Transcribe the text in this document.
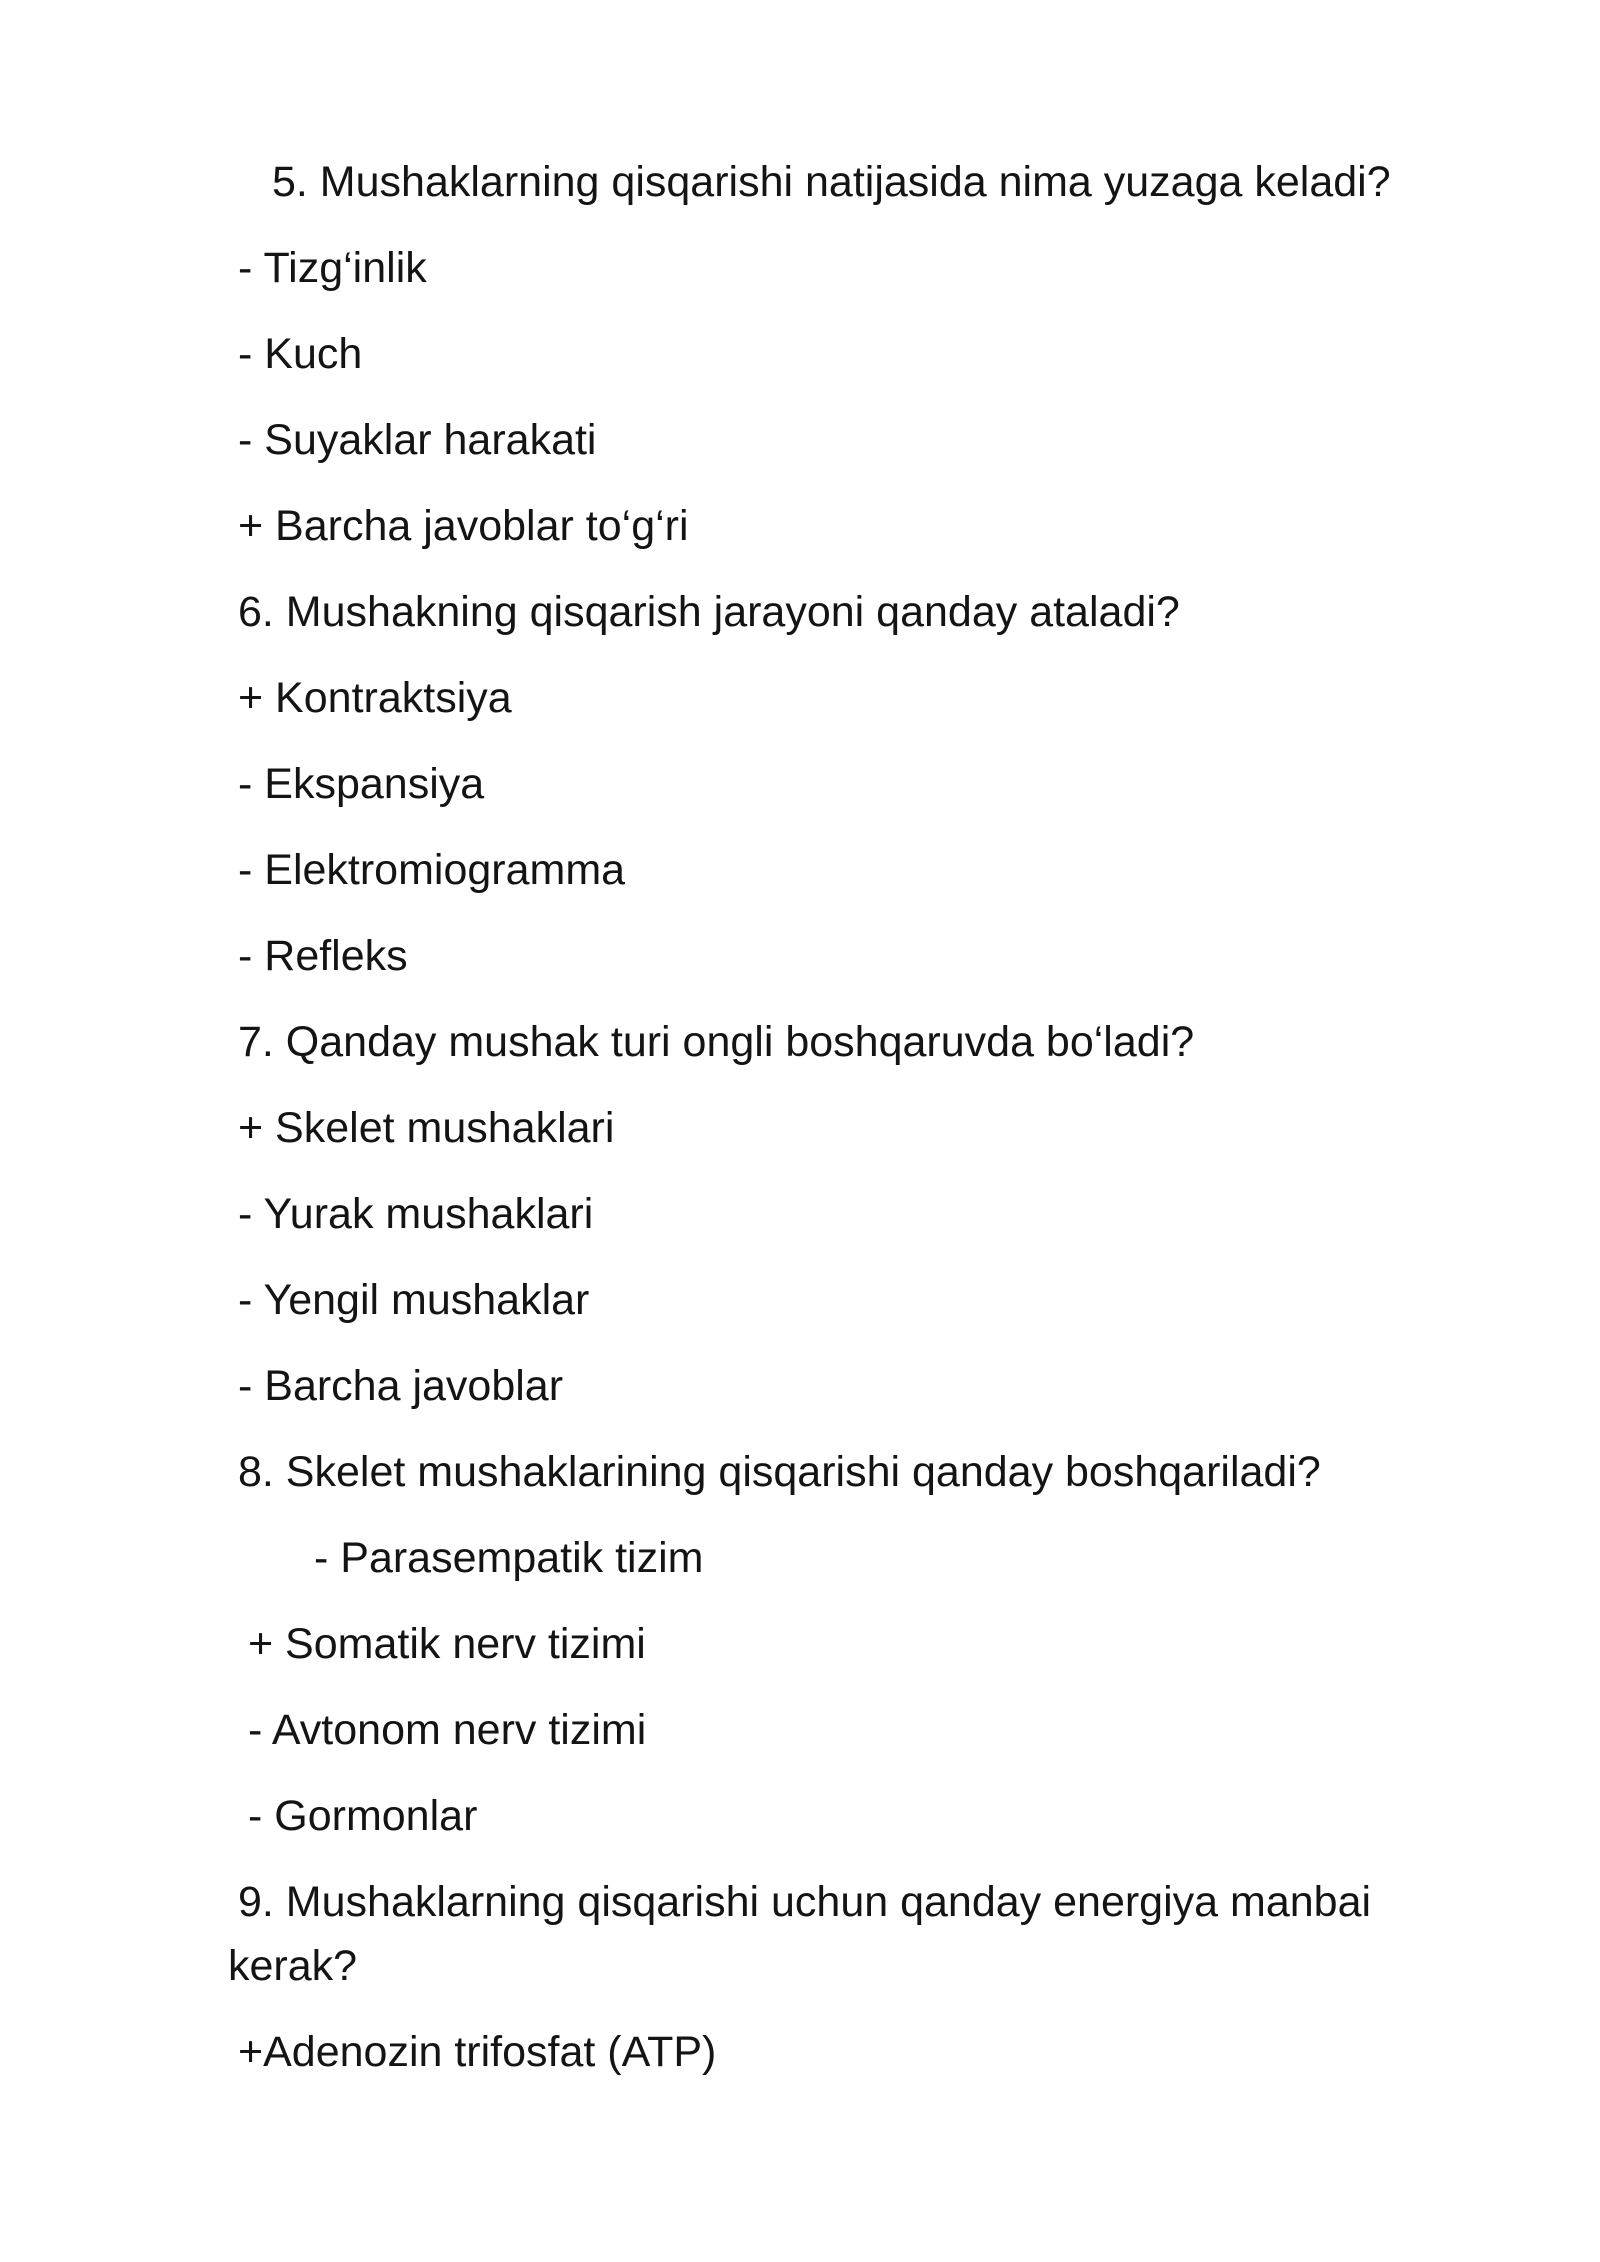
5. Mushaklarning qisqarishi natijasida nima yuzaga keladi?
- Tizg‘inlik
- Kuch
- Suyaklar harakati
+ Barcha javoblar to‘g‘ri
6. Mushakning qisqarish jarayoni qanday ataladi?
+ Kontraktsiya
- Ekspansiya
- Elektromiogramma
- Refleks
7. Qanday mushak turi ongli boshqaruvda bo‘ladi?
+ Skelet mushaklari
- Yurak mushaklari
- Yengil mushaklar
- Barcha javoblar
8. Skelet mushaklarining qisqarishi qanday boshqariladi?
- Parasempatik tizim
+ Somatik nerv tizimi
- Avtonom nerv tizimi
- Gormonlar
9. Mushaklarning qisqarishi uchun qanday energiya manbai kerak?
+Adenozin trifosfat (ATP)
